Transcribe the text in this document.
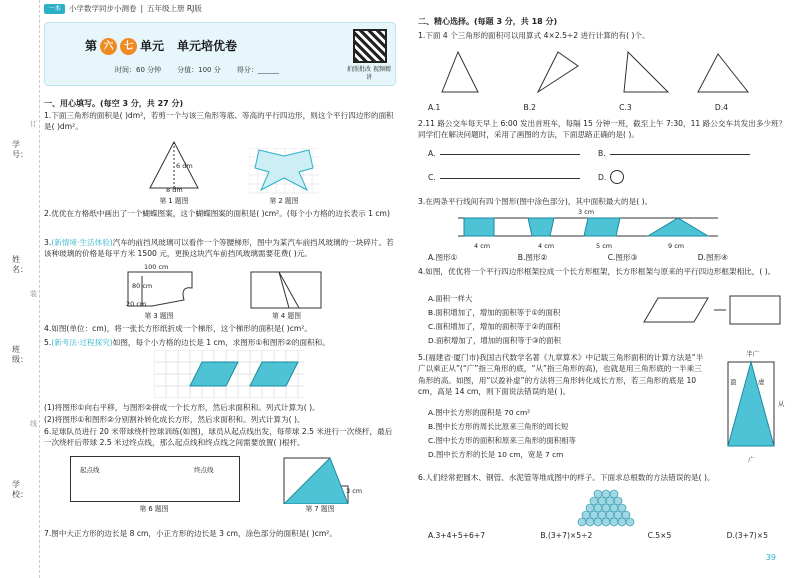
学号：
姓名：
班级：
学校：
订
装
线
一本	小学数学同步小测卷 | 五年级上册 RJ版
第 六	七 单元 单元培优卷
时间：60 分钟 分值：100 分 得分：______	拍照批改 视频精讲
一、用心填写。(每空 3 分，共 27 分)
1.下面三角形的面积是( )dm²，若剪一个与该三角形等底、等高的平行四边形，则这个平行四边形的面积是( )dm²。
8 dm
6 dm
第 1 题图	第 2 题图
2.优优在方格纸中画出了一个蝴蝶图案，这个蝴蝶图案的面积是( )cm²。(每个小方格的边长表示 1 cm)
3.(新情境·生活体验)汽车的前挡风玻璃可以看作一个等腰梯形，图中为某汽车前挡风玻璃的一块碎片。若该种玻璃的价格是每平方米 1500 元，更换这块汽车前挡风玻璃需要花费( )元。
100 cm
80 cm
20 cm
第 3 题图	第 4 题图
4.如图(单位：cm)，将一张长方形纸折成一个梯形，这个梯形的面积是( )cm²。
5.(新考法·过程探究)如图，每个小方格的边长是 1 cm，求图形①和图形②的面积和。
(1)将图形①向右平移，与图形②拼成一个长方形，然后求面积和。列式计算为( )。
(2)将图形①和图形②分别割补转化成长方形，然后求面积和。列式计算为( )。
6.足球队员进行 20 米带球绕杆控球训练(如图)，球员从起点线出发，每带球 2.5 米进行一次绕杆，最后一次绕杆后带球 2.5 米过终点线，那么起点线和终点线之间需要放置( )根杆。
起点线	终点线
第 6 题图
3 cm
第 7 题图
7.图中大正方形的边长是 8 cm，小正方形的边长是 3 cm，涂色部分的面积是( )cm²。
二、精心选择。(每题 3 分，共 18 分)
1.下面 4 个三角形的面积可以用算式 4×2.5÷2 进行计算的有( )个。
A.1	B.2	C.3	D.4
2.11 路公交车每天早上 6:00 发出首班车，每隔 15 分钟一班，截至上午 7:30，11 路公交车共发出多少班？同学们在解决问题时，采用了画图的方法，下面思路正确的是( )。
A.	B.
C.	D.
3.在两条平行线间有四个图形(图中涂色部分)，其中面积最大的是( )。
3 cm
4 cm	4 cm	5 cm	9 cm
A.图形①	B.图形②	C.图形③	D.图形④
4.如图，优优将一个平行四边形框架拉成一个长方形框架，长方形框架与原来的平行四边形框架相比，( )。
A.面积一样大
B.面积增加了，增加的面积等于①的面积
C.面积增加了，增加的面积等于②的面积
D.面积增加了，增加的面积等于③的面积
5.(福建省·厦门市)我国古代数学名著《九章算术》中记载三角形面积的计算方法是“半广以乘正从”(“广”指三角形的底，“从”指三角形的高)，也就是用三角形底的一半乘三角形的高。如图，用“以盈补虚”的方法将三角形转化成长方形，若三角形的底是 10 cm，高是 14 cm，则下面说法错误的是( )。
A.图中长方形的面积是 70 cm²
B.图中长方形的周长比原来三角形的周长短
C.图中长方形的面积和原来三角形的面积相等
D.图中长方形的长是 10 cm，宽是 7 cm
半广
盈	虚
从
广
6.人们经常把圆木、钢管、水泥管等堆成图中的样子。下面求总根数的方法错误的是( )。
A.3+4+5+6+7	B.(3+7)×5÷2	C.5×5	D.(3+7)×5
39
